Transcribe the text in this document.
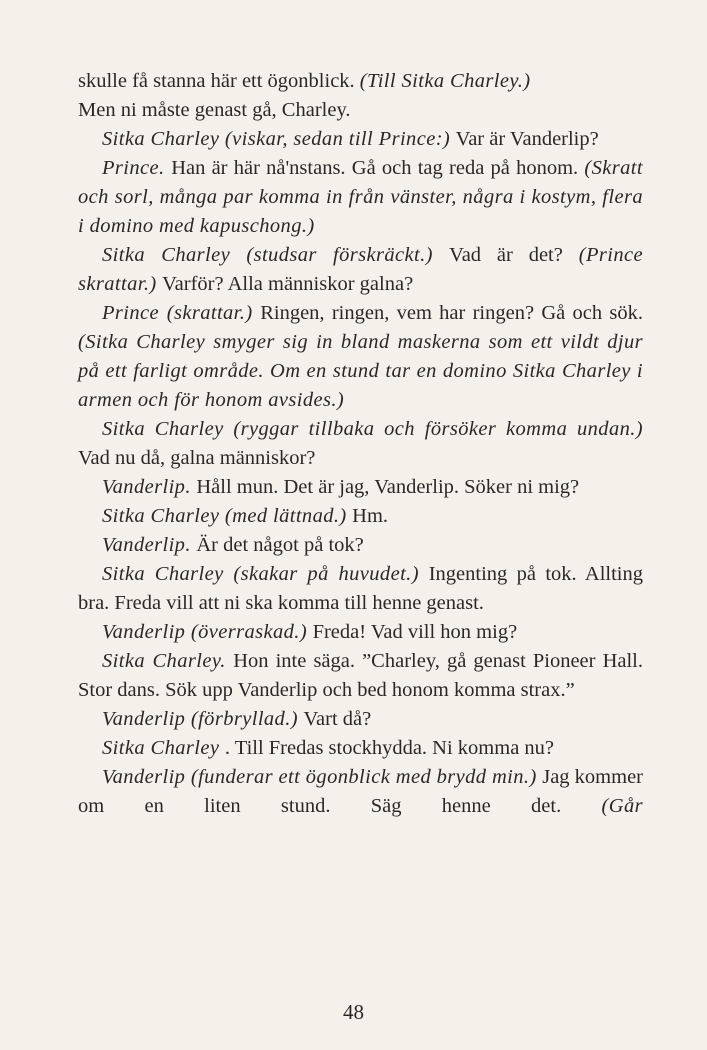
skulle få stanna här ett ögonblick. (Till Sitka Charley.)

Men ni måste genast gå, Charley.

Sitka Charley (viskar, sedan till Prince:) Var är Vanderlip?

Prince. Han är här nå'nstans. Gå och tag reda på honom. (Skratt och sorl, många par komma in från vänster, några i kostym, flera i domino med kapuschong.)

Sitka Charley (studsar förskräckt.) Vad är det? (Prince skrattar.) Varför? Alla människor galna?

Prince (skrattar.) Ringen, ringen, vem har ringen? Gå och sök. (Sitka Charley smyger sig in bland maskerna som ett vildt djur på ett farligt område. Om en stund tar en domino Sitka Charley i armen och för honom avsides.)

Sitka Charley (ryggar tillbaka och försöker komma undan.) Vad nu då, galna människor?

Vanderlip. Håll mun. Det är jag, Vanderlip. Söker ni mig?

Sitka Charley (med lättnad.) Hm.

Vanderlip. Är det något på tok?

Sitka Charley (skakar på huvudet.) Ingenting på tok. Allting bra. Freda vill att ni ska komma till henne genast.

Vanderlip (överraskad.) Freda! Vad vill hon mig?

Sitka Charley. Hon inte säga. ”Charley, gå genast Pioneer Hall. Stor dans. Sök upp Vanderlip och bed honom komma strax.”

Vanderlip (förbryllad.) Vart då?

Sitka Charley . Till Fredas stockhydda. Ni komma nu?

Vanderlip (funderar ett ögonblick med brydd min.) Jag kommer om en liten stund. Säg henne det. (Går

48
